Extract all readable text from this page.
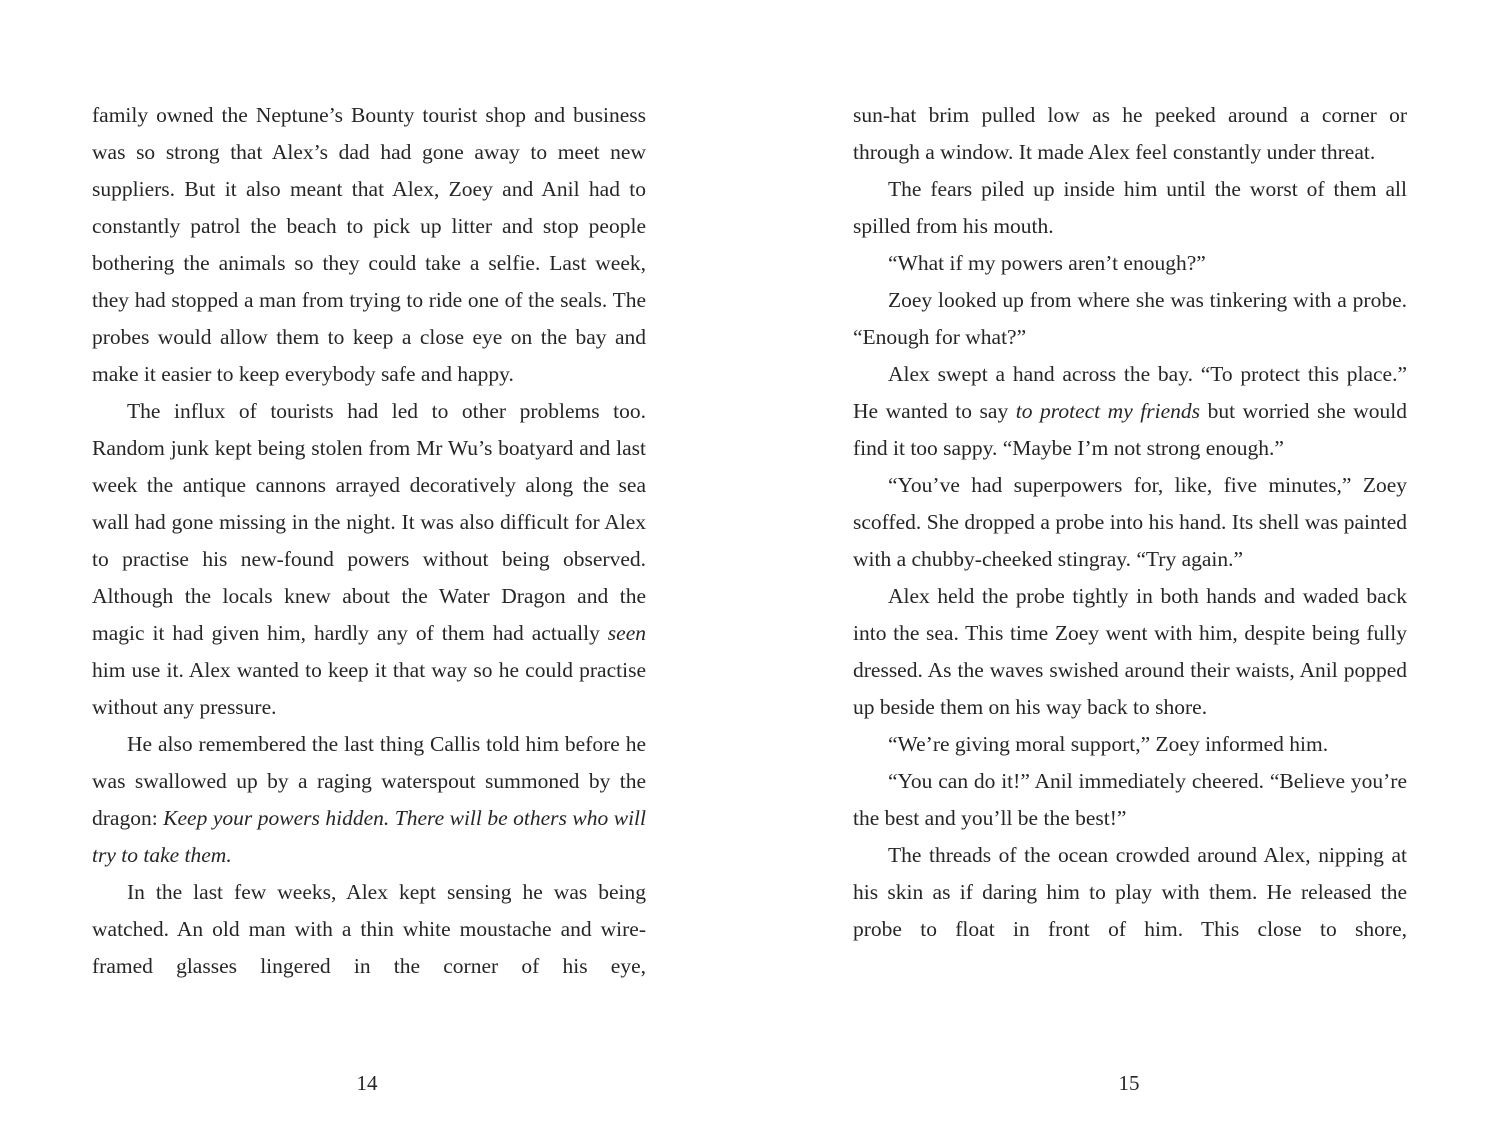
family owned the Neptune’s Bounty tourist shop and business was so strong that Alex’s dad had gone away to meet new suppliers. But it also meant that Alex, Zoey and Anil had to constantly patrol the beach to pick up litter and stop people bothering the animals so they could take a selfie. Last week, they had stopped a man from trying to ride one of the seals. The probes would allow them to keep a close eye on the bay and make it easier to keep everybody safe and happy.

The influx of tourists had led to other problems too. Random junk kept being stolen from Mr Wu’s boatyard and last week the antique cannons arrayed decoratively along the sea wall had gone missing in the night. It was also difficult for Alex to practise his new-found powers without being observed. Although the locals knew about the Water Dragon and the magic it had given him, hardly any of them had actually seen him use it. Alex wanted to keep it that way so he could practise without any pressure.

He also remembered the last thing Callis told him before he was swallowed up by a raging waterspout summoned by the dragon: Keep your powers hidden. There will be others who will try to take them.

In the last few weeks, Alex kept sensing he was being watched. An old man with a thin white moustache and wire-framed glasses lingered in the corner of his eye,

sun-hat brim pulled low as he peeked around a corner or through a window. It made Alex feel constantly under threat.

The fears piled up inside him until the worst of them all spilled from his mouth.

“What if my powers aren’t enough?”

Zoey looked up from where she was tinkering with a probe. “Enough for what?”

Alex swept a hand across the bay. “To protect this place.” He wanted to say to protect my friends but worried she would find it too sappy. “Maybe I’m not strong enough.”

“You’ve had superpowers for, like, five minutes,” Zoey scoffed. She dropped a probe into his hand. Its shell was painted with a chubby-cheeked stingray. “Try again.”

Alex held the probe tightly in both hands and waded back into the sea. This time Zoey went with him, despite being fully dressed. As the waves swished around their waists, Anil popped up beside them on his way back to shore.

“We’re giving moral support,” Zoey informed him.

“You can do it!” Anil immediately cheered. “Believe you’re the best and you’ll be the best!”

The threads of the ocean crowded around Alex, nipping at his skin as if daring him to play with them. He released the probe to float in front of him. This close to shore,

14	15
